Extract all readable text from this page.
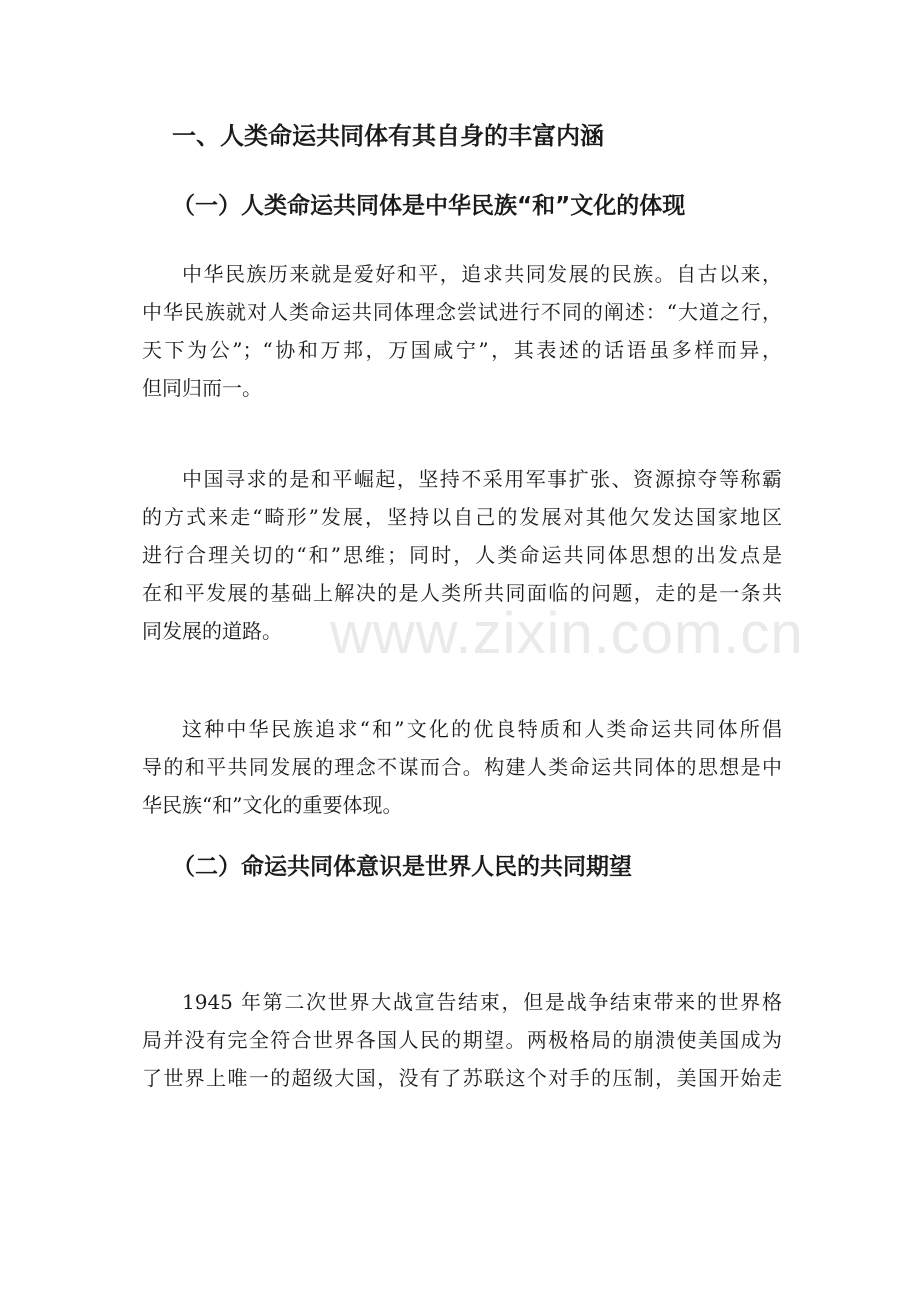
一、人类命运共同体有其自身的丰富内涵
（一）人类命运共同体是中华民族“和”文化的体现
中华民族历来就是爱好和平，追求共同发展的民族。自古以来，
中华民族就对人类命运共同体理念尝试进行不同的阐述：“大道之行，
天下为公”；“协和万邦，万国咸宁”，其表述的话语虽多样而异，
但同归而一。
中国寻求的是和平崛起，坚持不采用军事扩张、资源掠夺等称霸
的方式来走“畸形”发展，坚持以自己的发展对其他欠发达国家地区
进行合理关切的“和”思维；同时，人类命运共同体思想的出发点是
在和平发展的基础上解决的是人类所共同面临的问题，走的是一条共
同发展的道路。
这种中华民族追求“和”文化的优良特质和人类命运共同体所倡
导的和平共同发展的理念不谋而合。构建人类命运共同体的思想是中
华民族“和”文化的重要体现。
（二）命运共同体意识是世界人民的共同期望
1945 年第二次世界大战宣告结束，但是战争结束带来的世界格
局并没有完全符合世界各国人民的期望。两极格局的崩溃使美国成为
了世界上唯一的超级大国，没有了苏联这个对手的压制，美国开始走
www.zixin.com.cn
